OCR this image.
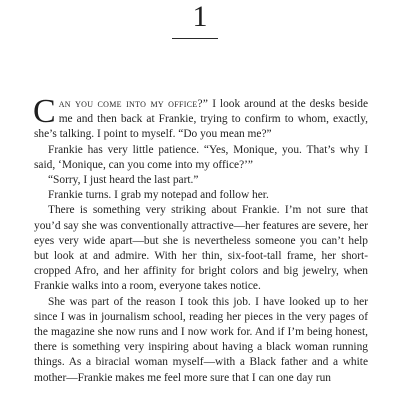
1

Can you come into my office?” I look around at the desks beside me and then back at Frankie, trying to confirm to whom, exactly, she’s talking. I point to myself. “Do you mean me?”

Frankie has very little patience. “Yes, Monique, you. That’s why I said, ‘Monique, can you come into my office?’”

“Sorry, I just heard the last part.”

Frankie turns. I grab my notepad and follow her.

There is something very striking about Frankie. I’m not sure that you’d say she was conventionally attractive—her features are severe, her eyes very wide apart—but she is nevertheless someone you can’t help but look at and admire. With her thin, six-foot-tall frame, her short-cropped Afro, and her affinity for bright colors and big jewelry, when Frankie walks into a room, everyone takes notice.

She was part of the reason I took this job. I have looked up to her since I was in journalism school, reading her pieces in the very pages of the magazine she now runs and I now work for. And if I’m being honest, there is something very inspiring about having a black woman running things. As a biracial woman myself—with a Black father and a white mother—Frankie makes me feel more sure that I can one day run
